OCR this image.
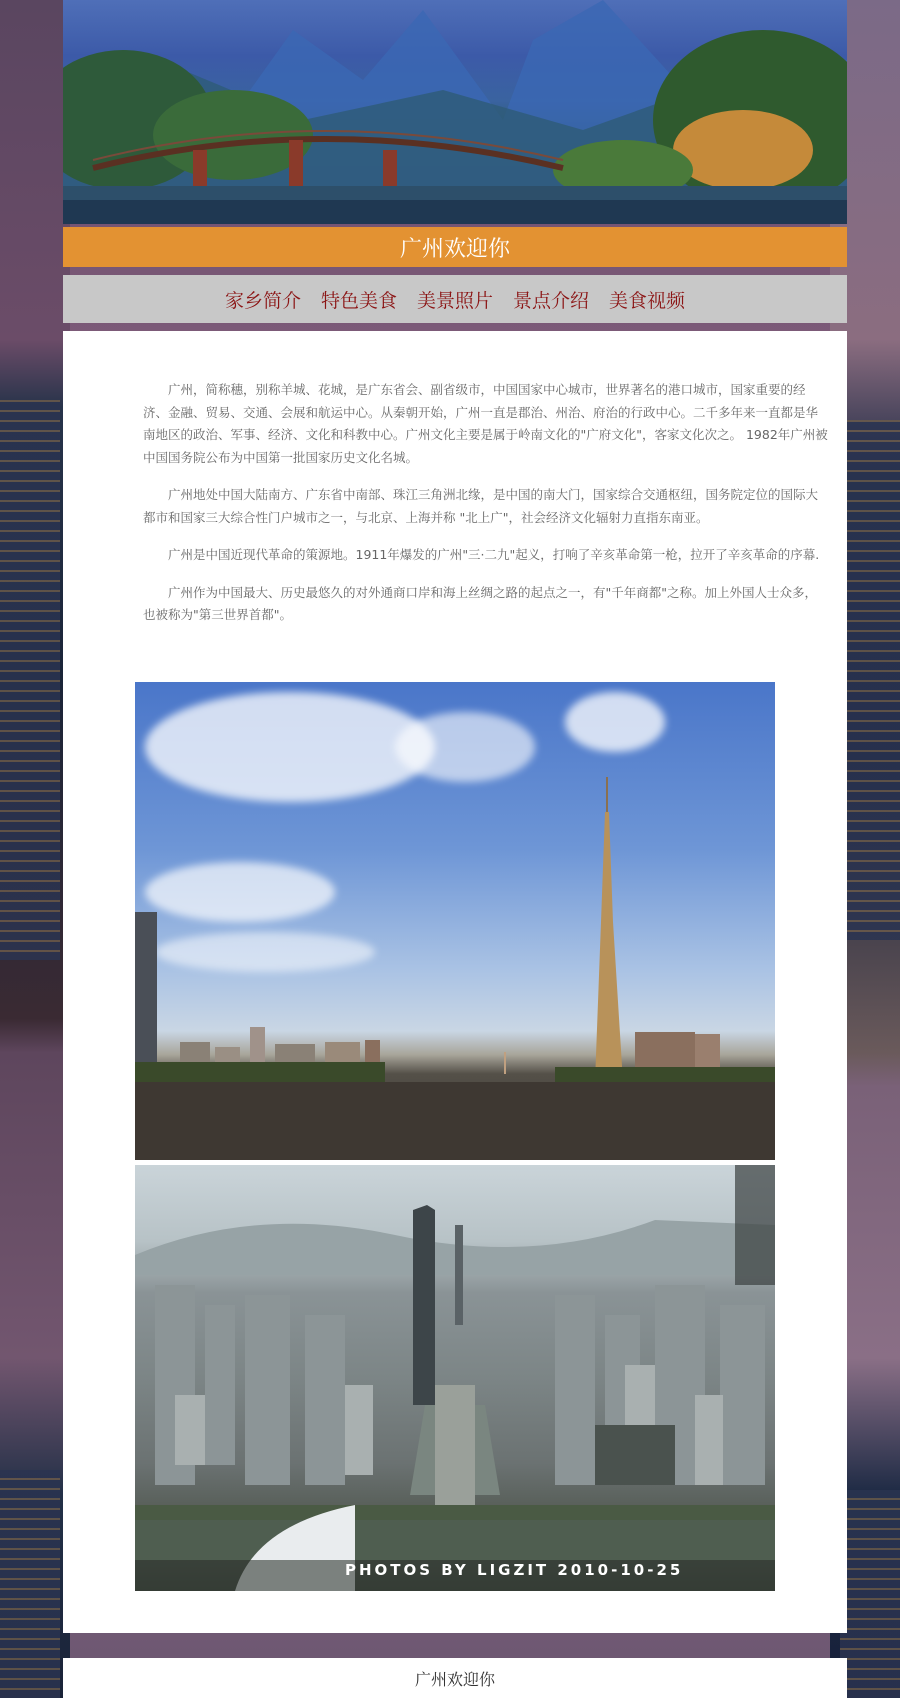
广州欢迎你
家乡简介 特色美食 美景照片 景点介绍 美食视频

广州，简称穗，别称羊城、花城，是广东省会、副省级市，中国国家中心城市，世界著名的港口城市，国家重要的经济、金融、贸易、交通、会展和航运中心。从秦朝开始，广州一直是郡治、州治、府治的行政中心。二千多年来一直都是华南地区的政治、军事、经济、文化和科教中心。广州文化主要是属于岭南文化的"广府文化"，客家文化次之。 1982年广州被中国国务院公布为中国第一批国家历史文化名城。

广州地处中国大陆南方、广东省中南部、珠江三角洲北缘，是中国的南大门，国家综合交通枢纽，国务院定位的国际大都市和国家三大综合性门户城市之一，与北京、上海并称 "北上广"，社会经济文化辐射力直指东南亚。

广州是中国近现代革命的策源地。1911年爆发的广州"三·二九"起义，打响了辛亥革命第一枪，拉开了辛亥革命的序幕.

广州作为中国最大、历史最悠久的对外通商口岸和海上丝绸之路的起点之一，有"千年商都"之称。加上外国人士众多，也被称为"第三世界首都"。

PHOTOS BY LIGZIT 2010-10-25
广州欢迎你
